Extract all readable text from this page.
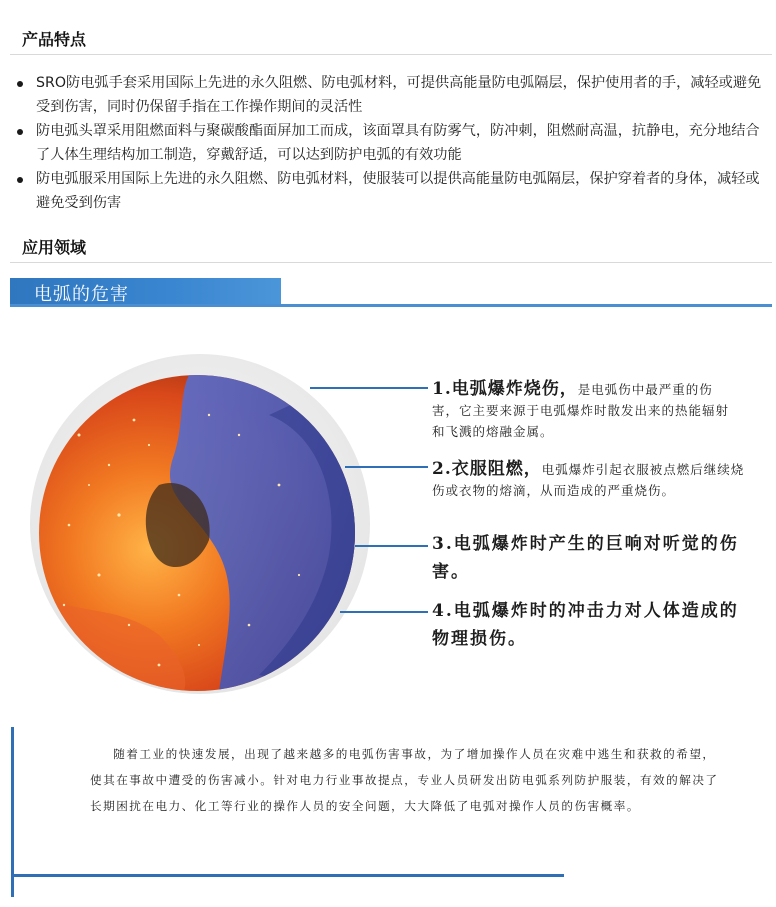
产品特点
SRO防电弧手套采用国际上先进的永久阻燃、防电弧材料，可提供高能量防电弧隔层，保护使用者的手，减轻或避免受到伤害，同时仍保留手指在工作操作期间的灵活性
防电弧头罩采用阻燃面料与聚碳酸酯面屏加工而成，该面罩具有防雾气，防冲刺，阻燃耐高温，抗静电，充分地结合了人体生理结构加工制造，穿戴舒适，可以达到防护电弧的有效功能
防电弧服采用国际上先进的永久阻燃、防电弧材料，使服装可以提供高能量防电弧隔层，保护穿着者的身体，减轻或避免受到伤害
应用领域
电弧的危害
1.电弧爆炸烧伤，是电弧伤中最严重的伤害，它主要来源于电弧爆炸时散发出来的热能辐射和飞溅的熔融金属。
2.衣服阻燃，电弧爆炸引起衣服被点燃后继续烧伤或衣物的熔滴，从而造成的严重烧伤。
3.电弧爆炸时产生的巨响对听觉的伤害。
4.电弧爆炸时的冲击力对人体造成的物理损伤。
随着工业的快速发展，出现了越来越多的电弧伤害事故，为了增加操作人员在灾难中逃生和获救的希望，使其在事故中遭受的伤害减小。针对电力行业事故提点，专业人员研发出防电弧系列防护服装，有效的解决了长期困扰在电力、化工等行业的操作人员的安全问题，大大降低了电弧对操作人员的伤害概率。
